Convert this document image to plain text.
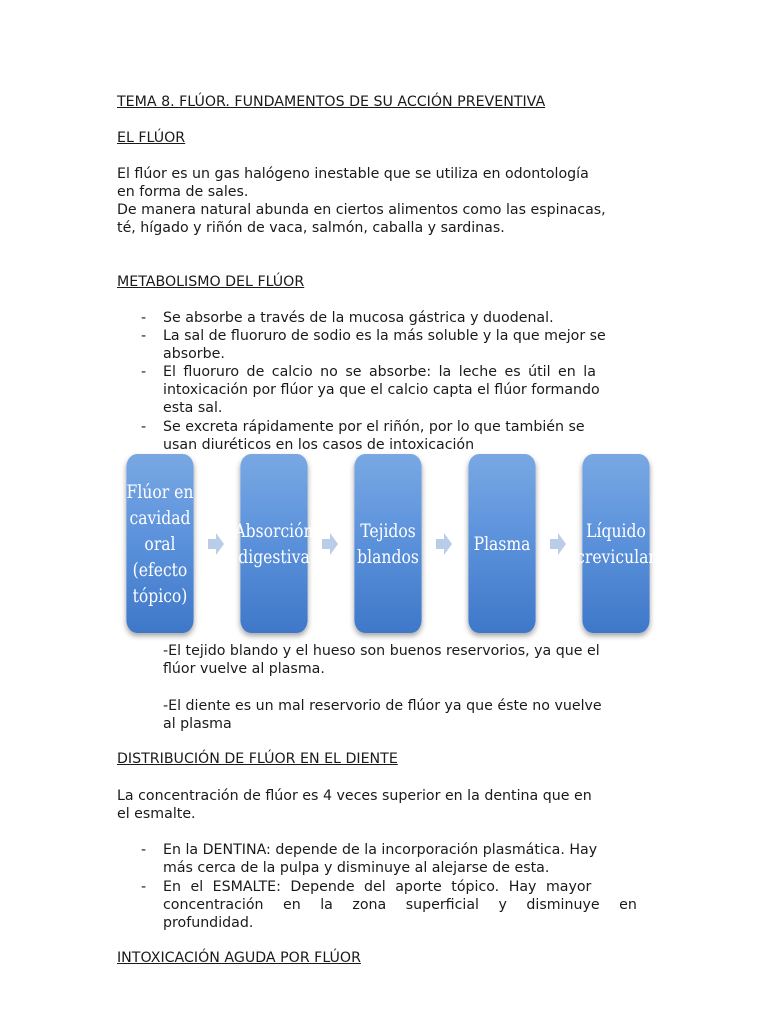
TEMA 8. FLÚOR. FUNDAMENTOS DE SU ACCIÓN PREVENTIVA
EL FLÚOR
El flúor es un gas halógeno inestable que se utiliza en odontología
en forma de sales.
De manera natural abunda en ciertos alimentos como las espinacas,
té, hígado y riñón de vaca, salmón, caballa y sardinas.
METABOLISMO DEL FLÚOR
- Se absorbe a través de la mucosa gástrica y duodenal.
- La sal de fluoruro de sodio es la más soluble y la que mejor se
absorbe.
- El fluoruro de calcio no se absorbe: la leche es útil en la
intoxicación por flúor ya que el calcio capta el flúor formando
esta sal.
- Se excreta rápidamente por el riñón, por lo que también se
usan diuréticos en los casos de intoxicación
Flúor en
cavidad
oral
(efecto
tópico)
Absorción
digestiva
Tejidos
blandos
Plasma
Líquido
crevicular
-El tejido blando y el hueso son buenos reservorios, ya que el
flúor vuelve al plasma.
-El diente es un mal reservorio de flúor ya que éste no vuelve
al plasma
DISTRIBUCIÓN DE FLÚOR EN EL DIENTE
La concentración de flúor es 4 veces superior en la dentina que en
el esmalte.
- En la DENTINA: depende de la incorporación plasmática. Hay
más cerca de la pulpa y disminuye al alejarse de esta.
- En el ESMALTE: Depende del aporte tópico. Hay mayor
concentración en la zona superficial y disminuye en
profundidad.
INTOXICACIÓN AGUDA POR FLÚOR
